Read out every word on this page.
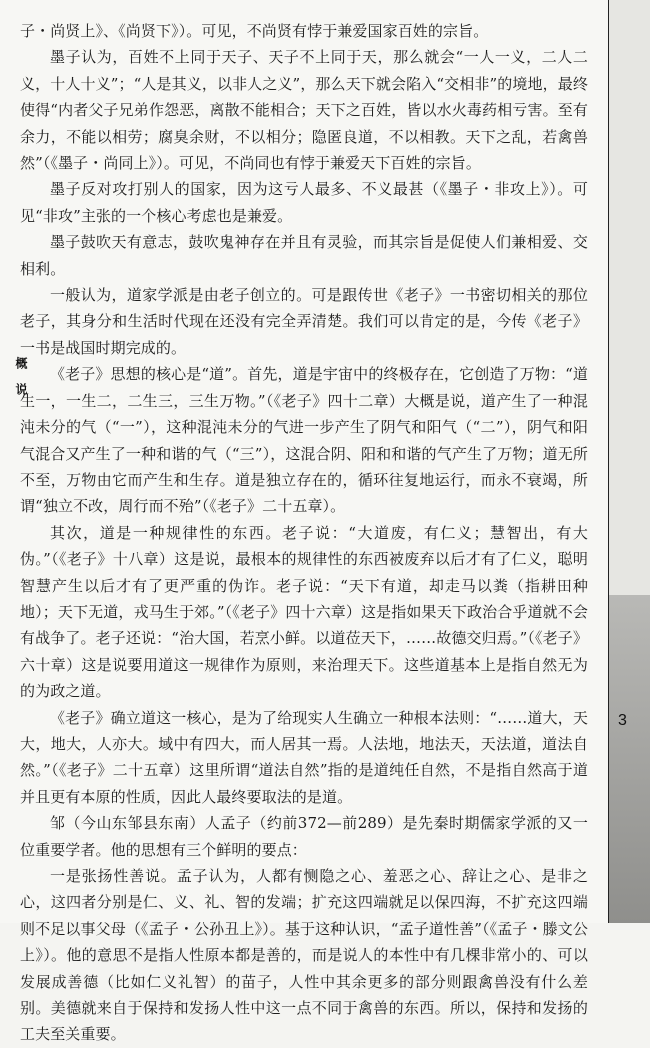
子・尚贤上》、《尚贤下》）。可见，不尚贤有悖于兼爱国家百姓的宗旨。

墨子认为，百姓不上同于天子、天子不上同于天，那么就会“一人一义，二人二义，十人十义”；“人是其义，以非人之义”，那么天下就会陷入“交相非”的境地，最终使得“内者父子兄弟作怨恶，离散不能相合；天下之百姓，皆以水火毒药相亏害。至有余力，不能以相劳；腐臭余财，不以相分；隐匿良道，不以相教。天下之乱，若禽兽然”（《墨子・尚同上》）。可见，不尚同也有悖于兼爱天下百姓的宗旨。

墨子反对攻打别人的国家，因为这亏人最多、不义最甚（《墨子・非攻上》）。可见“非攻”主张的一个核心考虑也是兼爱。

墨子鼓吹天有意志，鼓吹鬼神存在并且有灵验，而其宗旨是促使人们兼相爱、交相利。

一般认为，道家学派是由老子创立的。可是跟传世《老子》一书密切相关的那位老子，其身分和生活时代现在还没有完全弄清楚。我们可以肯定的是，今传《老子》一书是战国时期完成的。

《老子》思想的核心是“道”。首先，道是宇宙中的终极存在，它创造了万物：“道生一，一生二，二生三，三生万物。”（《老子》四十二章）大概是说，道产生了一种混沌未分的气（“一”），这种混沌未分的气进一步产生了阴气和阳气（“二”），阴气和阳气混合又产生了一种和谐的气（“三”），这混合阴、阳和和谐的气产生了万物；道无所不至，万物由它而产生和生存。道是独立存在的，循环往复地运行，而永不衰竭，所谓“独立不改，周行而不殆”（《老子》二十五章）。

其次，道是一种规律性的东西。老子说：“大道废，有仁义；慧智出，有大伪。”（《老子》十八章）这是说，最根本的规律性的东西被废弃以后才有了仁义，聪明智慧产生以后才有了更严重的伪诈。老子说：“天下有道，却走马以粪（指耕田种地）；天下无道，戎马生于郊。”（《老子》四十六章）这是指如果天下政治合乎道就不会有战争了。老子还说：“治大国，若烹小鲜。以道莅天下，……故德交归焉。”（《老子》六十章）这是说要用道这一规律作为原则，来治理天下。这些道基本上是指自然无为的为政之道。

《老子》确立道这一核心，是为了给现实人生确立一种根本法则：“……道大，天大，地大，人亦大。域中有四大，而人居其一焉。人法地，地法天，天法道，道法自然。”（《老子》二十五章）这里所谓“道法自然”指的是道纯任自然，不是指自然高于道并且更有本原的性质，因此人最终要取法的是道。

邹（今山东邹县东南）人孟子（约前372—前289）是先秦时期儒家学派的又一位重要学者。他的思想有三个鲜明的要点：

一是张扬性善说。孟子认为，人都有恻隐之心、羞恶之心、辞让之心、是非之心，这四者分别是仁、义、礼、智的发端；扩充这四端就足以保四海，不扩充这四端则不足以事父母（《孟子・公孙丑上》）。基于这种认识，“孟子道性善”（《孟子・滕文公上》）。他的意思不是指人性原本都是善的，而是说人的本性中有几棵非常小的、可以发展成善德（比如仁义礼智）的苗子，人性中其余更多的部分则跟禽兽没有什么差别。美德就来自于保持和发扬人性中这一点不同于禽兽的东西。所以，保持和发扬的工夫至关重要。

概说
3
